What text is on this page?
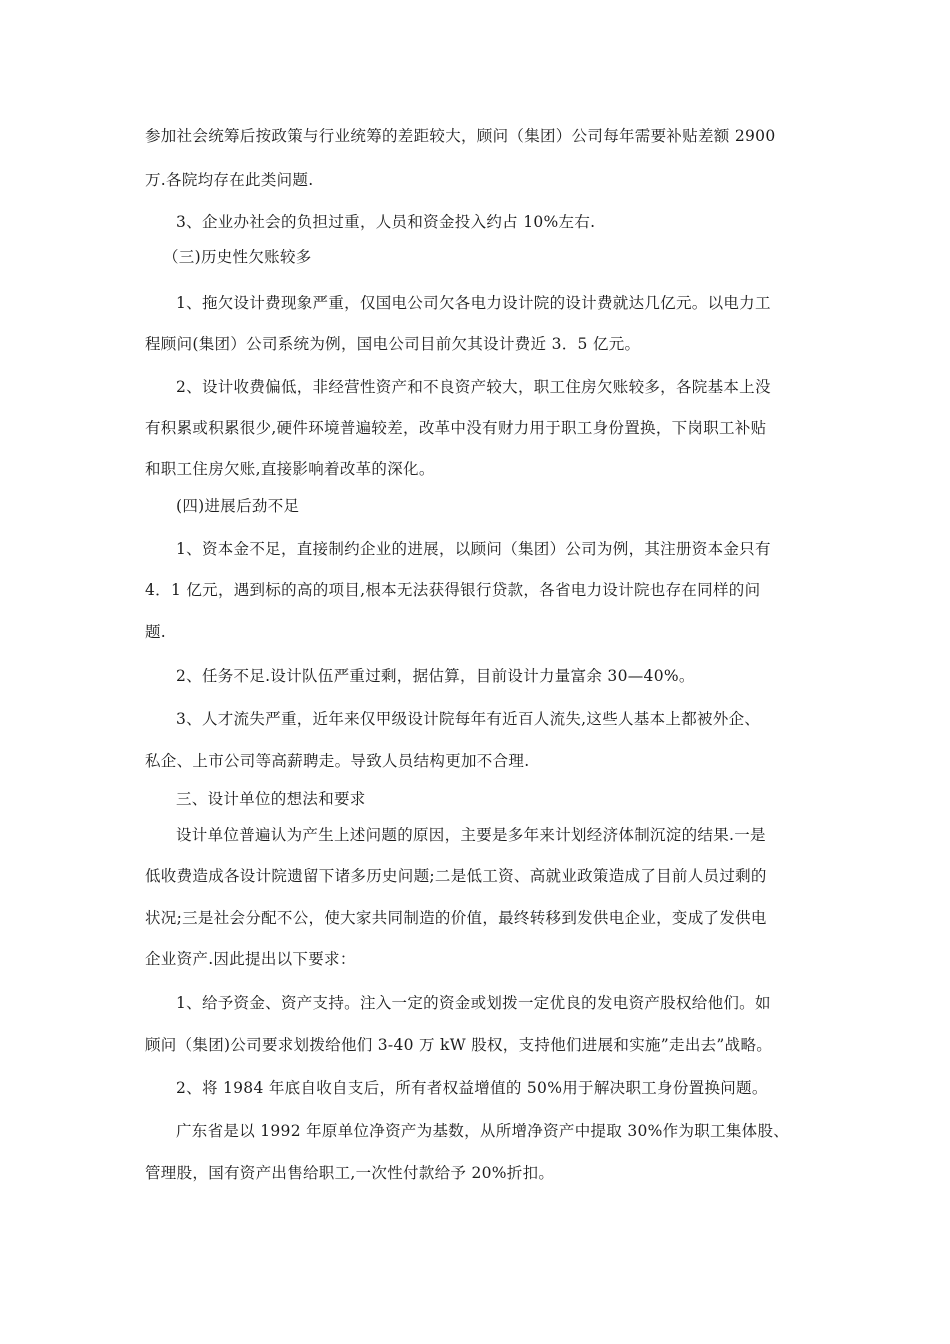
参加社会统筹后按政策与行业统筹的差距较大，顾问（集团）公司每年需要补贴差额 2900
万.各院均存在此类问题.
3、企业办社会的负担过重，人员和资金投入约占 10%左右.
（三)历史性欠账较多
1、拖欠设计费现象严重，仅国电公司欠各电力设计院的设计费就达几亿元。以电力工
程顾问(集团）公司系统为例，国电公司目前欠其设计费近 3．5 亿元。
2、设计收费偏低，非经营性资产和不良资产较大，职工住房欠账较多，各院基本上没
有积累或积累很少,硬件环境普遍较差，改革中没有财力用于职工身份置换，下岗职工补贴
和职工住房欠账,直接影响着改革的深化。
(四)进展后劲不足
1、资本金不足，直接制约企业的进展，以顾问（集团）公司为例，其注册资本金只有
4．1 亿元，遇到标的高的项目,根本无法获得银行贷款，各省电力设计院也存在同样的问
题.
2、任务不足.设计队伍严重过剩，据估算，目前设计力量富余 30—40%。
3、人才流失严重，近年来仅甲级设计院每年有近百人流失,这些人基本上都被外企、
私企、上市公司等高薪聘走。导致人员结构更加不合理.
三、设计单位的想法和要求
设计单位普遍认为产生上述问题的原因，主要是多年来计划经济体制沉淀的结果.一是
低收费造成各设计院遗留下诸多历史问题;二是低工资、高就业政策造成了目前人员过剩的
状况;三是社会分配不公，使大家共同制造的价值，最终转移到发供电企业，变成了发供电
企业资产.因此提出以下要求：
1、给予资金、资产支持。注入一定的资金或划拨一定优良的发电资产股权给他们。如
顾问（集团)公司要求划拨给他们 3-40 万 kW 股权，支持他们进展和实施”走出去”战略。
2、将 1984 年底自收自支后，所有者权益增值的 50%用于解决职工身份置换问题。
广东省是以 1992 年原单位净资产为基数，从所增净资产中提取 30%作为职工集体股、
管理股，国有资产出售给职工,一次性付款给予 20%折扣。
